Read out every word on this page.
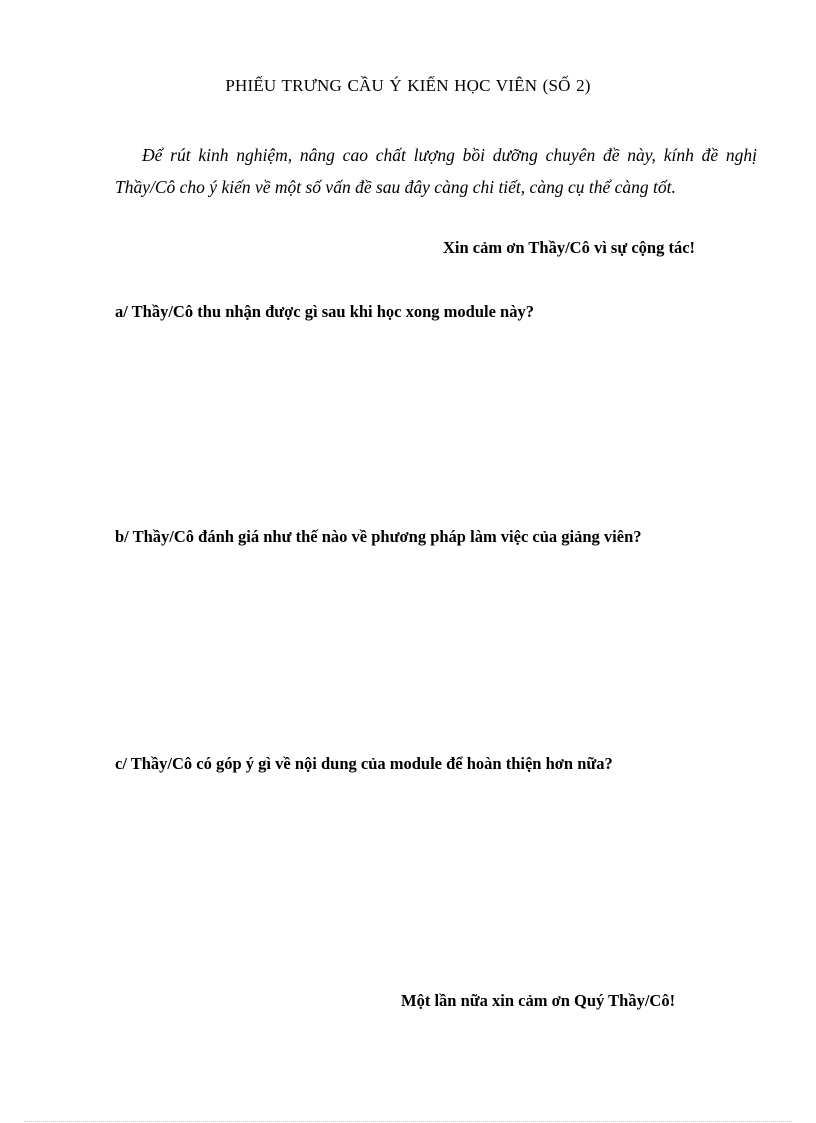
PHIẾU TRƯNG CẦU Ý KIẾN HỌC VIÊN (SỐ 2)

Để rút kinh nghiệm, nâng cao chất lượng bồi dưỡng chuyên đề này, kính đề nghị Thầy/Cô cho ý kiến về một số vấn đề sau đây càng chi tiết, càng cụ thể càng tốt.

Xin cảm ơn Thầy/Cô vì sự cộng tác!
a/ Thầy/Cô thu nhận được gì sau khi học xong module này?
b/ Thầy/Cô đánh giá như thế nào về phương pháp làm việc của giảng viên?
c/ Thầy/Cô có góp ý gì về nội dung của module để hoàn thiện hơn nữa?
Một lần nữa xin cảm ơn Quý Thầy/Cô!
